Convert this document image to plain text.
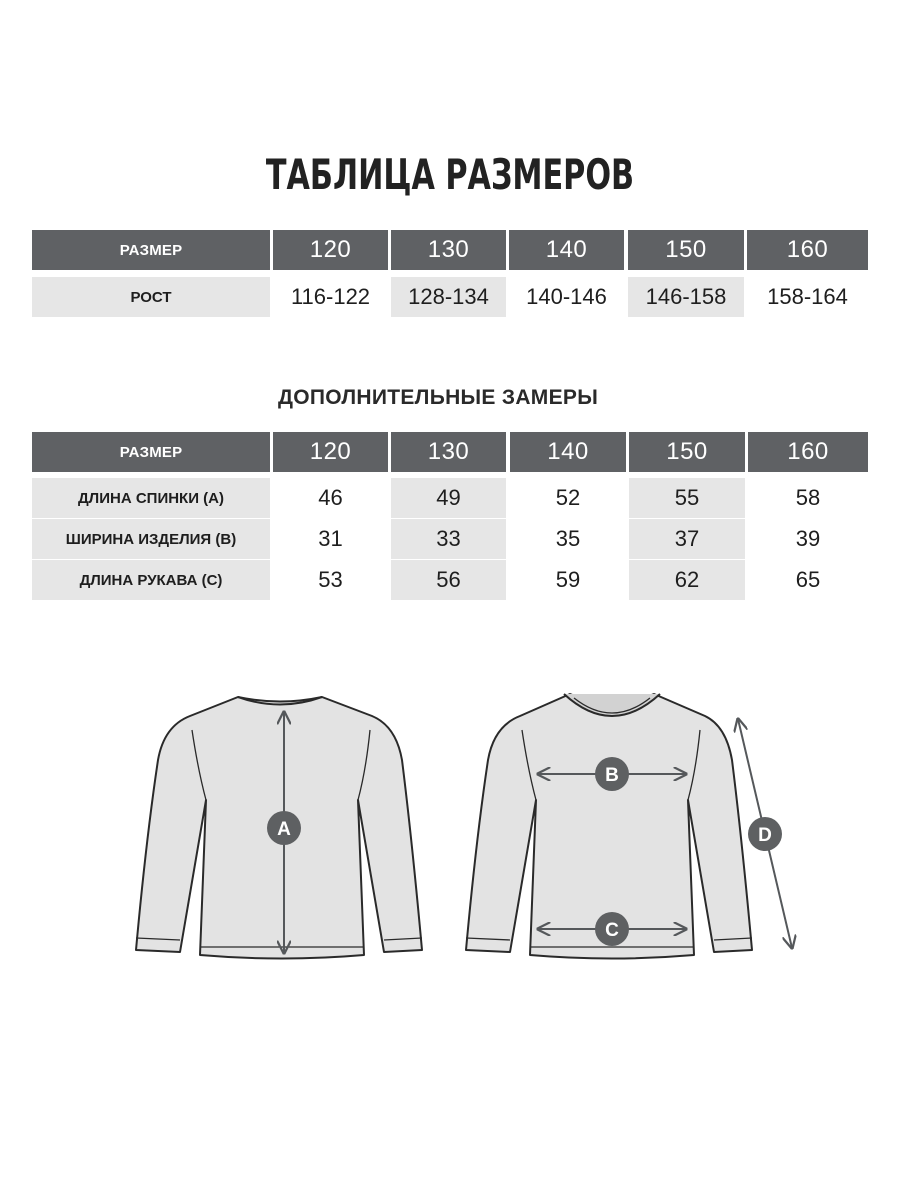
ТАБЛИЦА РАЗМЕРОВ
РАЗМЕР	120	130	140	150	160
РОСТ	116-122	128-134	140-146	146-158	158-164
ДОПОЛНИТЕЛЬНЫЕ ЗАМЕРЫ
РАЗМЕР	120	130	140	150	160
ДЛИНА СПИНКИ (А)	46	49	52	55	58
ШИРИНА ИЗДЕЛИЯ (В)	31	33	35	37	39
ДЛИНА РУКАВА (С)	53	56	59	62	65
A
B
C
D
